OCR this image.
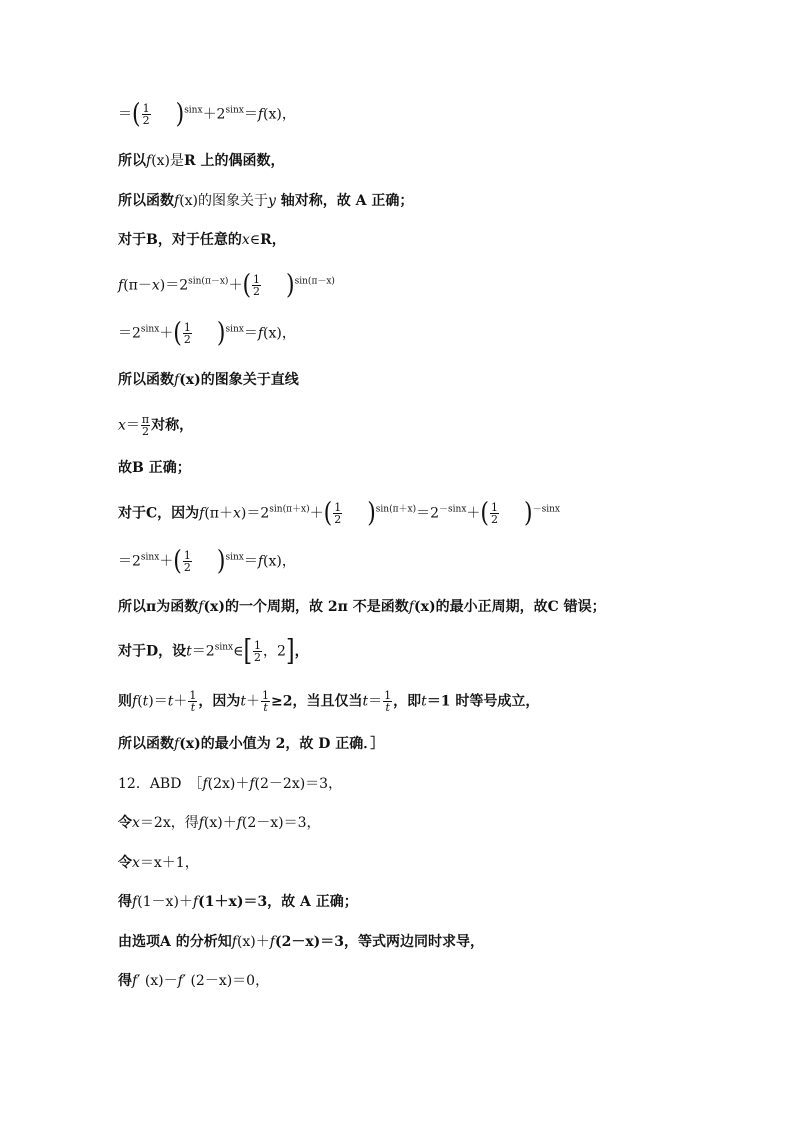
＝( $\frac{1}{2} )^{sinx}+2^{sinx}=f(x)$，
所以f(x)是R 上的偶函数，
所以函数f(x)的图象关于y 轴对称，故 A 正确；
对于B，对于任意的x∈R，
$f(\pi-x)=2^{sin(\pi-x)}+( \frac{1}{2} )^{sin(\pi-x)}$
$=2^{sinx}+( \frac{1}{2} )^{sinx}=f(x)$，
所以函数f(x)的图象关于直线
$x= \frac{\pi}{2}$ 对称，
故B 正确；
对于C，因为$f(\pi+x)=2^{sin(\pi+x)}+( \frac{1}{2} )^{sin(\pi+x)}=2^{-sinx}+( \frac{1}{2} )^{-sinx}$
$=2^{sinx}+( \frac{1}{2} )^{sinx}=f(x)$，
所以π为函数f(x)的一个周期，故 2π 不是函数f(x)的最小正周期，故C 错误；
对于D，设$t=2^{sinx}\in[ \frac{1}{2}$ ，2]，
则$f(t)=t+ \frac{1}{t}$ ，因为$t+ \frac{1}{t} \ge 2$，当且仅当$t= \frac{1}{t}$ ，即t＝1 时等号成立，
所以函数f(x)的最小值为 2，故 D 正确．］
12．ABD　［f(2x)＋f(2－2x)＝3，
令x＝2x，得f(x)＋f(2－x)＝3，
令x＝x＋1，
得f(1－x)＋f(1＋x)＝3，故 A 正确；
由选项A 的分析知f(x)＋f(2－x)＝3，等式两边同时求导，
得f′ (x)－f′ (2－x)＝0，
